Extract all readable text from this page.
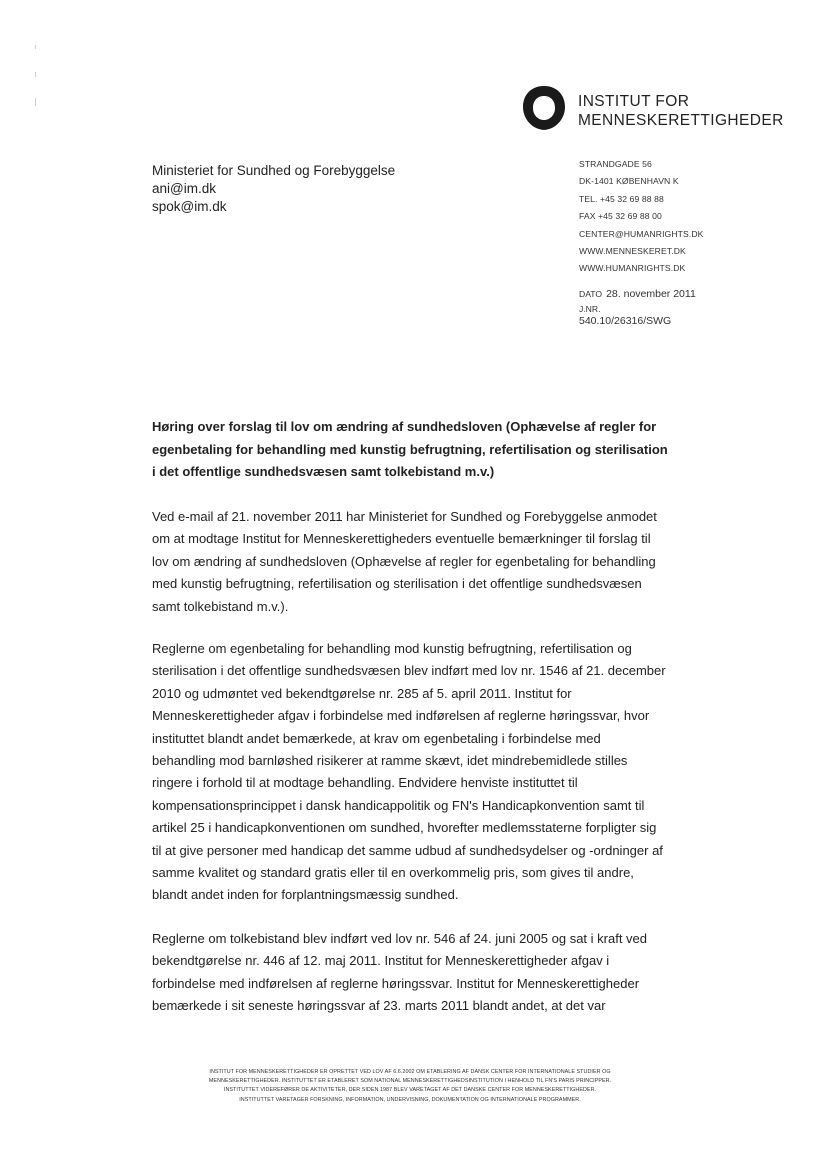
INSTITUT FOR
MENNESKERETTIGHEDER
Ministeriet for Sundhed og Forebyggelse
ani@im.dk
spok@im.dk
STRANDGADE 56
DK-1401 KØBENHAVN K
TEL. +45 32 69 88 88
FAX +45 32 69 88 00
CENTER@HUMANRIGHTS.DK
WWW.MENNESKERET.DK
WWW.HUMANRIGHTS.DK
DATO 28. november 2011
J.NR.
540.10/26316/SWG
Høring over forslag til lov om ændring af sundhedsloven (Ophævelse af regler for
egenbetaling for behandling med kunstig befrugtning, refertilisation og sterilisation
i det offentlige sundhedsvæsen samt tolkebistand m.v.)
Ved e-mail af 21. november 2011 har Ministeriet for Sundhed og Forebyggelse anmodet
om at modtage Institut for Menneskerettigheders eventuelle bemærkninger til forslag til
lov om ændring af sundhedsloven (Ophævelse af regler for egenbetaling for behandling
med kunstig befrugtning, refertilisation og sterilisation i det offentlige sundhedsvæsen
samt tolkebistand m.v.).
Reglerne om egenbetaling for behandling mod kunstig befrugtning, refertilisation og
sterilisation i det offentlige sundhedsvæsen blev indført med lov nr. 1546 af 21. december
2010 og udmøntet ved bekendtgørelse nr. 285 af 5. april 2011. Institut for
Menneskerettigheder afgav i forbindelse med indførelsen af reglerne høringssvar, hvor
instituttet blandt andet bemærkede, at krav om egenbetaling i forbindelse med
behandling mod barnløshed risikerer at ramme skævt, idet mindrebemidlede stilles
ringere i forhold til at modtage behandling. Endvidere henviste instituttet til
kompensationsprincippet i dansk handicappolitik og FN's Handicapkonvention samt til
artikel 25 i handicapkonventionen om sundhed, hvorefter medlemsstaterne forpligter sig
til at give personer med handicap det samme udbud af sundhedsydelser og -ordninger af
samme kvalitet og standard gratis eller til en overkommelig pris, som gives til andre,
blandt andet inden for forplantningsmæssig sundhed.
Reglerne om tolkebistand blev indført ved lov nr. 546 af 24. juni 2005 og sat i kraft ved
bekendtgørelse nr. 446 af 12. maj 2011. Institut for Menneskerettigheder afgav i
forbindelse med indførelsen af reglerne høringssvar. Institut for Menneskerettigheder
bemærkede i sit seneste høringssvar af 23. marts 2011 blandt andet, at det var
INSTITUT FOR MENNESKERETTIGHEDER ER OPRETTET VED LOV AF 6.6.2002 OM ETABLERING AF DANSK CENTER FOR INTERNATIONALE STUDIER OG
MENNESKERETTIGHEDER. INSTITUTTET ER ETABLERET SOM NATIONAL MENNESKERETTIGHEDSINSTITUTION I HENHOLD TIL FN'S PARIS PRINCIPPER.
INSTITUTTET VIDEREFØRER DE AKTIVITETER, DER SIDEN 1987 BLEV VARETAGET AF DET DANSKE CENTER FOR MENNESKERETTIGHEDER.
INSTITUTTET VARETAGER FORSKNING, INFORMATION, UNDERVISNING, DOKUMENTATION OG INTERNATIONALE PROGRAMMER.
